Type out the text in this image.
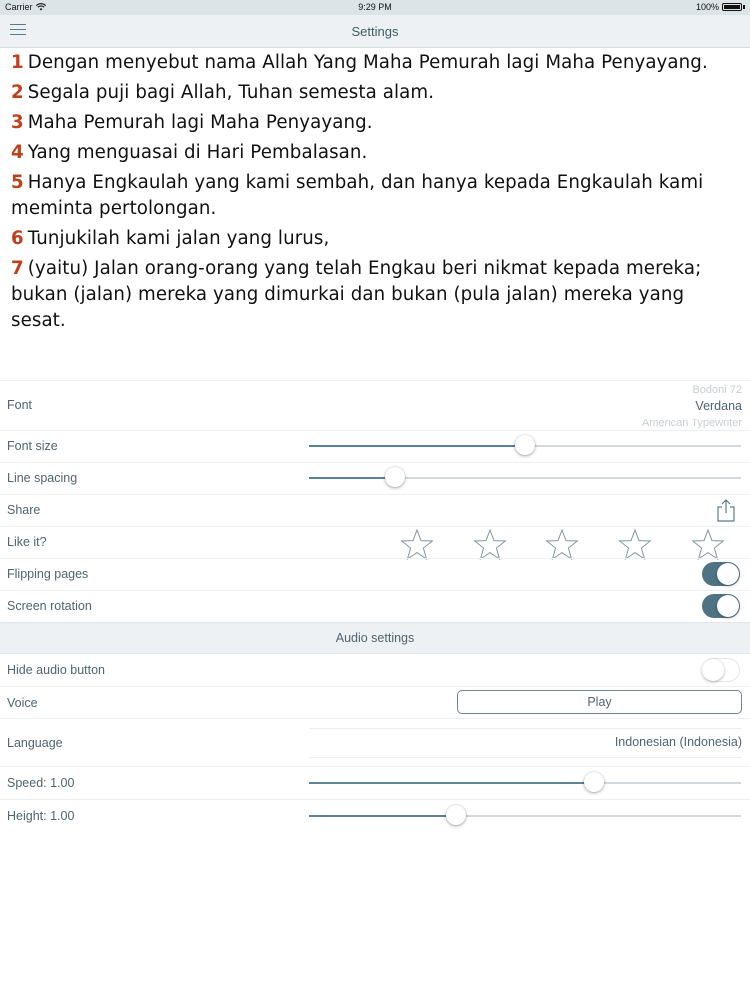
Carrier	9:29 PM	100%
Settings
1 Dengan menyebut nama Allah Yang Maha Pemurah lagi Maha Penyayang.
2 Segala puji bagi Allah, Tuhan semesta alam.
3 Maha Pemurah lagi Maha Penyayang.
4 Yang menguasai di Hari Pembalasan.
5 Hanya Engkaulah yang kami sembah, dan hanya kepada Engkaulah kami meminta pertolongan.
6 Tunjukilah kami jalan yang lurus,
7 (yaitu) Jalan orang-orang yang telah Engkau beri nikmat kepada mereka; bukan (jalan) mereka yang dimurkai dan bukan (pula jalan) mereka yang sesat.
Font
Bodoni 72
Verdana
American Typewriter
Font size
Line spacing
Share
Like it?
Flipping pages
Screen rotation
Audio settings
Hide audio button
Voice	Play
Language	Indonesian (Indonesia)
Speed: 1.00
Height: 1.00
